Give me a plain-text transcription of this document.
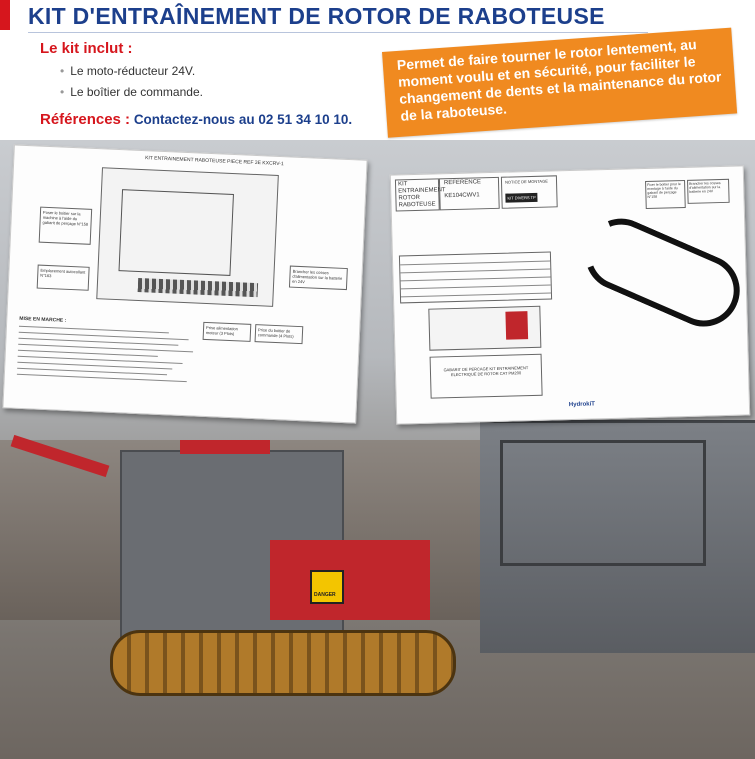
DANGER
KIT ENTRAINEMENT RABOTEUSE PIECE REF 3E KXCRV-1
Poser le boitier sur la machine à l'aide du gabarit de perçage N°158
Emplacement autocollant N°163
Brancher les cosses d'alimentation sur la batterie en 24V
Prise alimentation moteur (3 Plots)	Prise du boitier de commande (4 Plots)
MISE EN MARCHE :
KIT
ENTRAINEMENT
ROTOR
RABOTEUSE
REFERENCE
KE104CWV1
NOTICE DE MONTAGE
KIT DIVERS TP
GABARIT DE PERCAGE KIT ENTRAINEMENT ELECTRIQUE DE ROTOR CAT PM200
Fixer le boitier pour le montage à l'aide du gabarit de perçage N°158
Brancher les cosses d'alimentation sur la batterie en 24V
HydrokiT
KIT D'ENTRAÎNEMENT DE ROTOR DE RABOTEUSE
Le kit inclut :
• Le moto-réducteur 24V.
• Le boîtier de commande.
Références : Contactez-nous au 02 51 34 10 10.
Permet de faire tourner le rotor lentement, au moment voulu et en sécurité, pour faciliter le changement de dents et la maintenance du rotor de la raboteuse.
